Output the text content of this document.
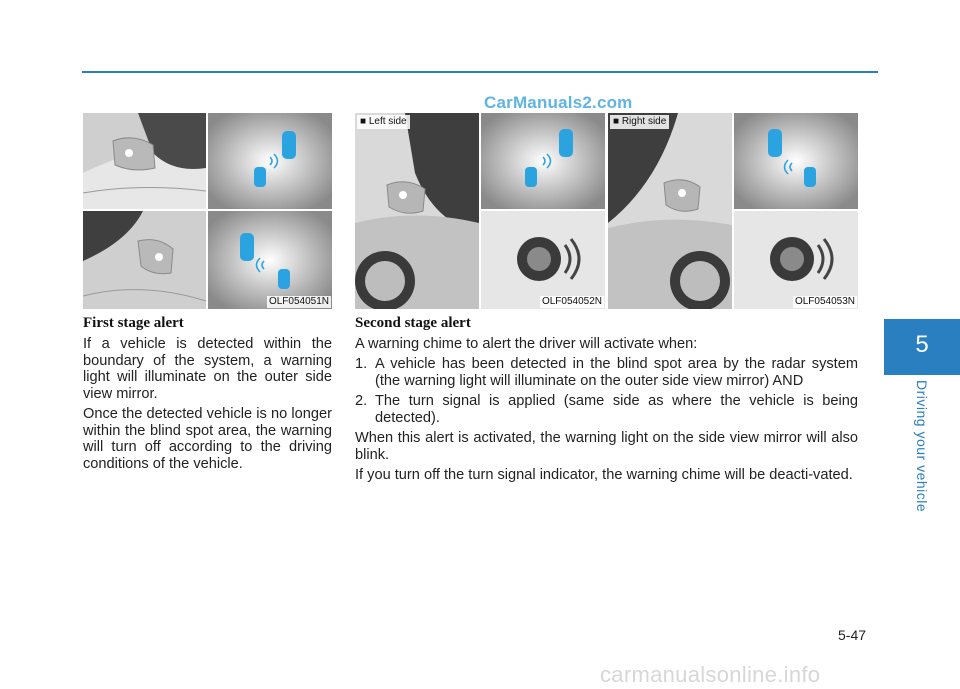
CarManuals2.com
OLF054051N
■ Left side
OLF054052N
■ Right side
OLF054053N
First stage alert
If a vehicle is detected within the boundary of the system, a warning light will illuminate on the outer side view mirror.
Once the detected vehicle is no longer within the blind spot area, the warning will turn off according to the driving conditions of the vehicle.
Second stage alert
A warning chime to alert the driver will activate when:
1. A vehicle has been detected in the blind spot area by the radar system (the warning light will illuminate on the outer side view mirror) AND
2. The turn signal is applied (same side as where the vehicle is being detected).
When this alert is activated, the warning light on the side view mirror will also blink.
If you turn off the turn signal indicator, the warning chime will be deacti-vated.
5
Driving your vehicle
5-47
carmanualsonline.info
